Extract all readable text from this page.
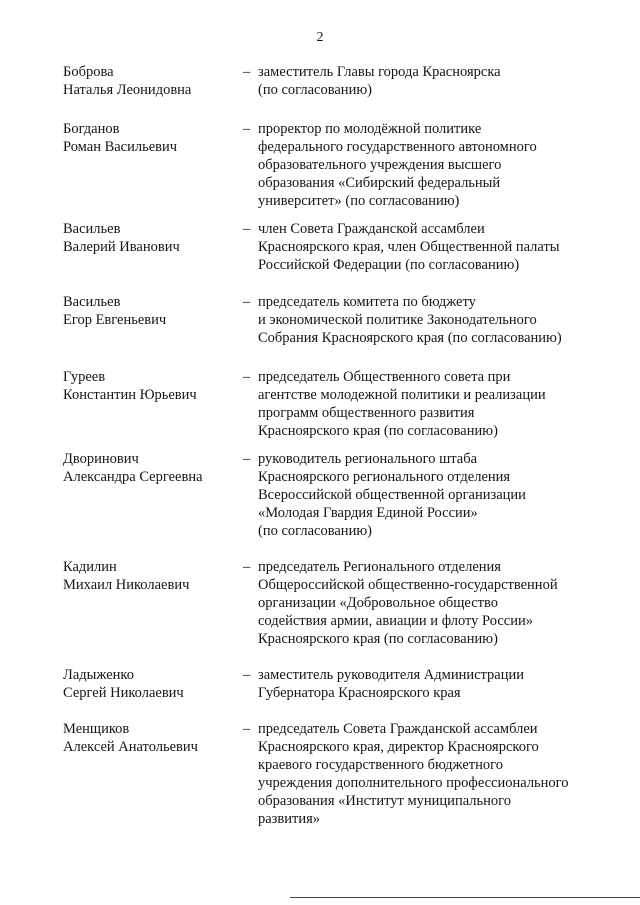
2
Боброва
Наталья Леонидовна
– заместитель Главы города Красноярска
(по согласованию)
Богданов
Роман Васильевич
– проректор по молодёжной политике
федерального государственного автономного
образовательного учреждения высшего
образования «Сибирский федеральный
университет» (по согласованию)
Васильев
Валерий Иванович
– член Совета Гражданской ассамблеи
Красноярского края, член Общественной палаты
Российской Федерации (по согласованию)
Васильев
Егор Евгеньевич
– председатель комитета по бюджету
и экономической политике Законодательного
Собрания Красноярского края (по согласованию)
Гуреев
Константин Юрьевич
– председатель Общественного совета при
агентстве молодежной политики и реализации
программ общественного развития
Красноярского края (по согласованию)
Дворинович
Александра Сергеевна
– руководитель регионального штаба
Красноярского регионального отделения
Всероссийской общественной организации
«Молодая Гвардия Единой России»
(по согласованию)
Кадилин
Михаил Николаевич
– председатель Регионального отделения
Общероссийской общественно-государственной
организации «Добровольное общество
содействия армии, авиации и флоту России»
Красноярского края (по согласованию)
Ладыженко
Сергей Николаевич
– заместитель руководителя Администрации
Губернатора Красноярского края
Менщиков
Алексей Анатольевич
– председатель Совета Гражданской ассамблеи
Красноярского края, директор Красноярского
краевого государственного бюджетного
учреждения дополнительного профессионального
образования «Институт муниципального
развития»
